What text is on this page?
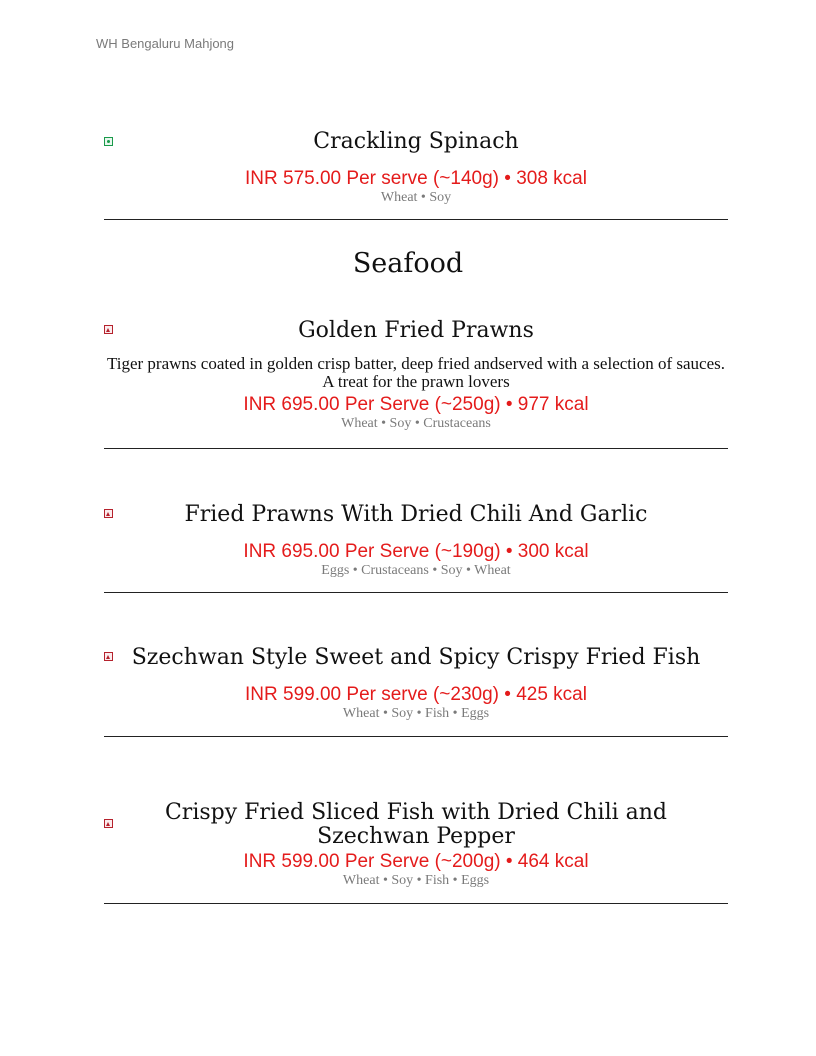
WH Bengaluru Mahjong
Crackling Spinach
INR 575.00 Per serve (~140g) • 308 kcal
Wheat • Soy
Seafood
Golden Fried Prawns
Tiger prawns coated in golden crisp batter, deep fried andserved with a selection of sauces. A treat for the prawn lovers
INR 695.00 Per Serve (~250g) • 977 kcal
Wheat • Soy • Crustaceans
Fried Prawns With Dried Chili And Garlic
INR 695.00 Per Serve (~190g) • 300 kcal
Eggs • Crustaceans • Soy • Wheat
Szechwan Style Sweet and Spicy Crispy Fried Fish
INR 599.00 Per serve (~230g) • 425 kcal
Wheat • Soy • Fish • Eggs
Crispy Fried Sliced Fish with Dried Chili and Szechwan Pepper
INR 599.00 Per Serve (~200g) • 464 kcal
Wheat • Soy • Fish • Eggs
